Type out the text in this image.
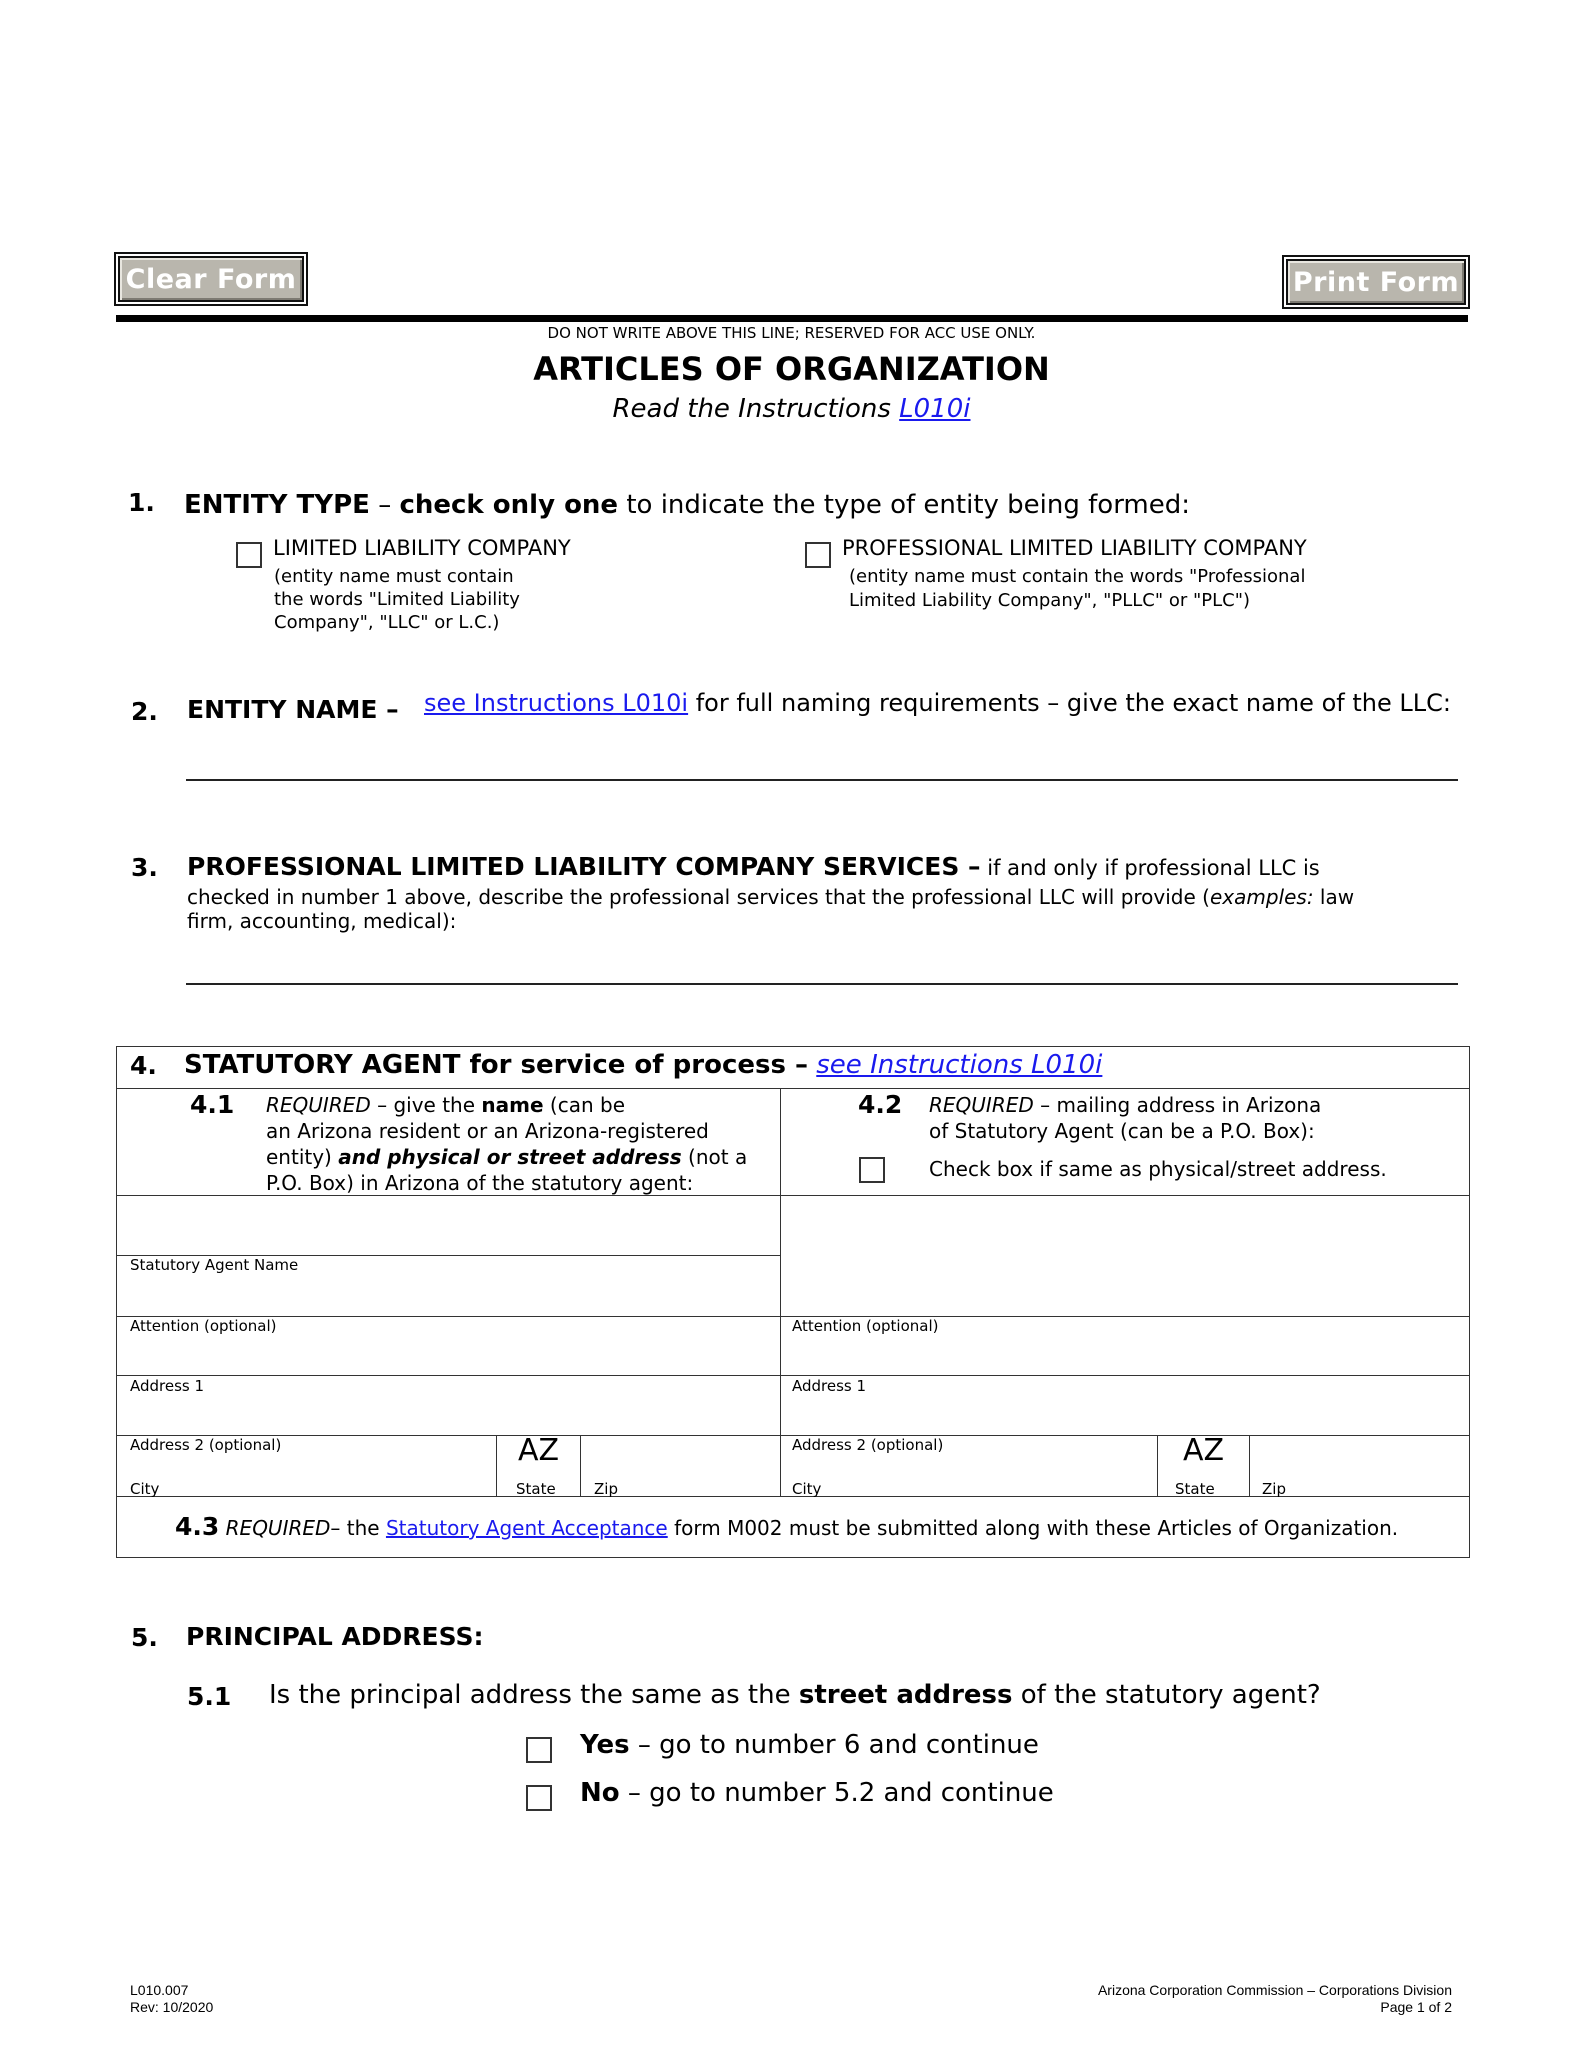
Clear Form	Print Form
DO NOT WRITE ABOVE THIS LINE; RESERVED FOR ACC USE ONLY.
ARTICLES OF ORGANIZATION
Read the Instructions L010i
1. ENTITY TYPE – check only one to indicate the type of entity being formed:
LIMITED LIABILITY COMPANY
(entity name must contain
the words "Limited Liability
Company", "LLC" or L.C.)
PROFESSIONAL LIMITED LIABILITY COMPANY
(entity name must contain the words "Professional
Limited Liability Company", "PLLC" or "PLC")
2. ENTITY NAME – see Instructions L010i for full naming requirements – give the exact name of the LLC:
3. PROFESSIONAL LIMITED LIABILITY COMPANY SERVICES – if and only if professional LLC is
checked in number 1 above, describe the professional services that the professional LLC will provide (examples: law
firm, accounting, medical):
4. STATUTORY AGENT for service of process – see Instructions L010i
4.1 REQUIRED – give the name (can be
an Arizona resident or an Arizona-registered
entity) and physical or street address (not a
P.O. Box) in Arizona of the statutory agent:
4.2 REQUIRED – mailing address in Arizona
of Statutory Agent (can be a P.O. Box):
Check box if same as physical/street address.
Statutory Agent Name
Attention (optional)
Address 1
Address 2 (optional)
City
AZ
State	Zip
Attention (optional)
Address 1
Address 2 (optional)
City
AZ
State	Zip
4.3 REQUIRED– the Statutory Agent Acceptance form M002 must be submitted along with these Articles of Organization.
5. PRINCIPAL ADDRESS:
5.1 Is the principal address the same as the street address of the statutory agent?
Yes – go to number 6 and continue
No – go to number 5.2 and continue
L010.007
Rev: 10/2020
Arizona Corporation Commission – Corporations Division
Page 1 of 2
